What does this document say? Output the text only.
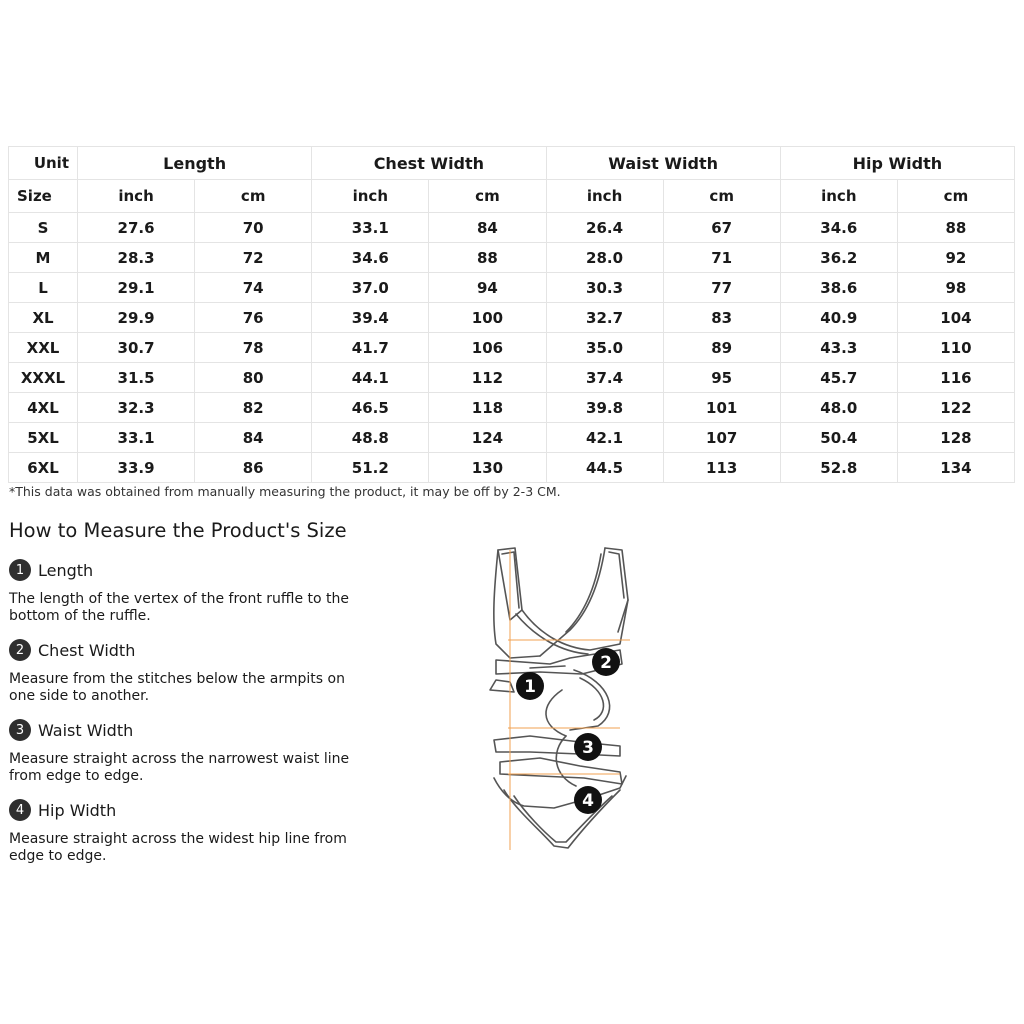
Unit	Length		Chest Width		Waist Width		Hip Width	

Size	inch	cm	inch	cm	inch	cm	inch	cm
S	27.6	70	33.1	84	26.4	67	34.6	88
M	28.3	72	34.6	88	28.0	71	36.2	92
L	29.1	74	37.0	94	30.3	77	38.6	98
XL	29.9	76	39.4	100	32.7	83	40.9	104
XXL	30.7	78	41.7	106	35.0	89	43.3	110
XXXL	31.5	80	44.1	112	37.4	95	45.7	116
4XL	32.3	82	46.5	118	39.8	101	48.0	122
5XL	33.1	84	48.8	124	42.1	107	50.4	128
6XL	33.9	86	51.2	130	44.5	113	52.8	134
*This data was obtained from manually measuring the product, it may be off by 2-3 CM.
How to Measure the Product's Size
1 Length
The length of the vertex of the front ruffle to the bottom of the ruffle.
2 Chest Width
Measure from the stitches below the armpits on one side to another.
3 Waist Width
Measure straight across the narrowest waist line from edge to edge.
4 Hip Width
Measure straight across the widest hip line from edge to edge.
1
2
3
4
